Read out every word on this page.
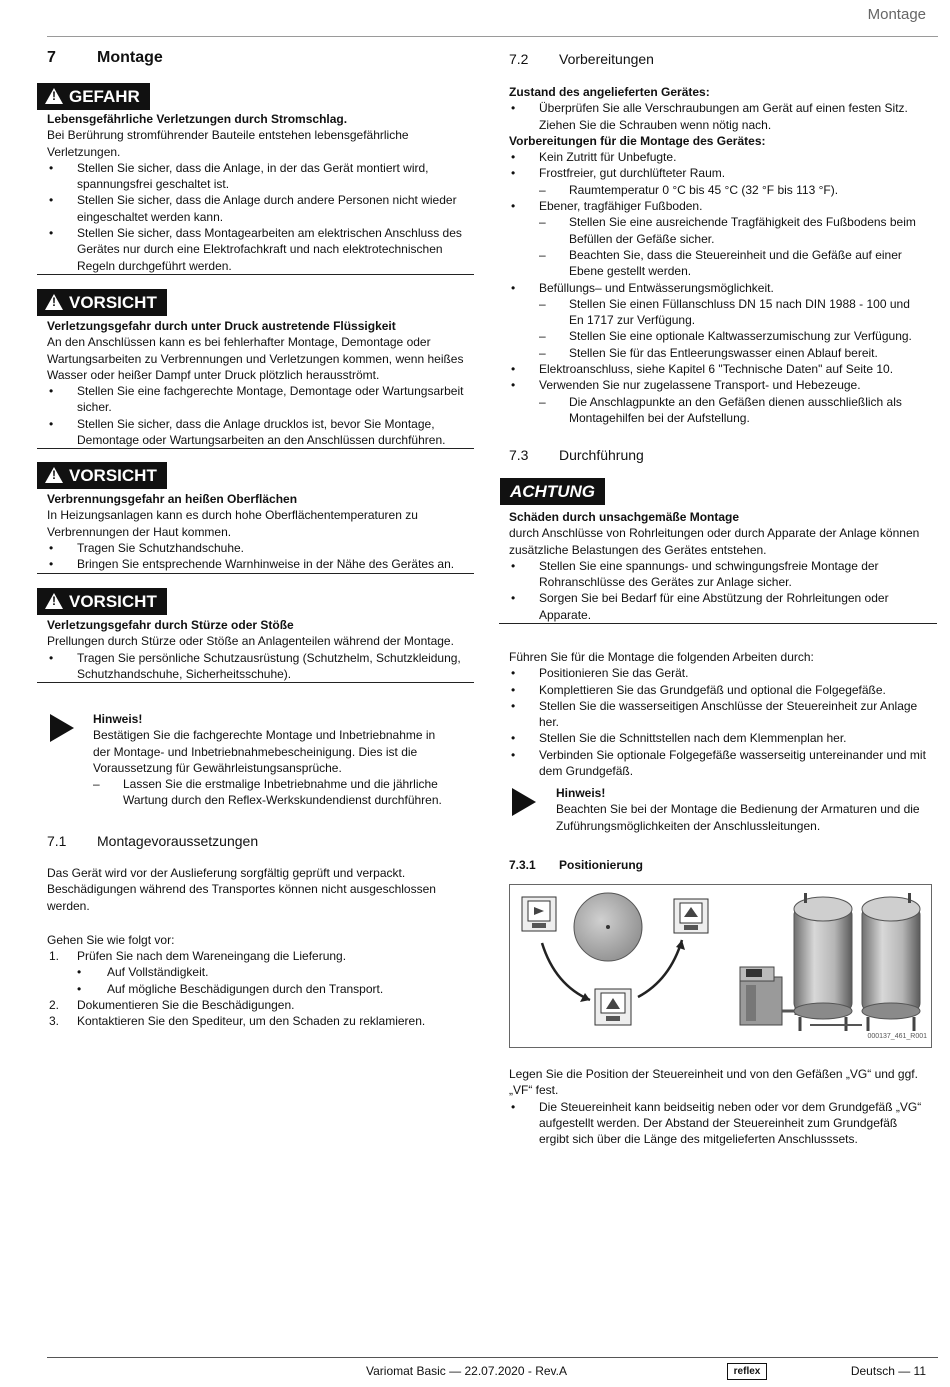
Montage
7	Montage
!GEFAHR
Lebensgefährliche Verletzungen durch Stromschlag.
Bei Berührung stromführender Bauteile entstehen lebensgefährliche Verletzungen.
• Stellen Sie sicher, dass die Anlage, in der das Gerät montiert wird, spannungsfrei geschaltet ist.
• Stellen Sie sicher, dass die Anlage durch andere Personen nicht wieder eingeschaltet werden kann.
• Stellen Sie sicher, dass Montagearbeiten am elektrischen Anschluss des Gerätes nur durch eine Elektrofachkraft und nach elektrotechnischen Regeln durchgeführt werden.
!VORSICHT
Verletzungsgefahr durch unter Druck austretende Flüssigkeit
An den Anschlüssen kann es bei fehlerhafter Montage, Demontage oder Wartungsarbeiten zu Verbrennungen und Verletzungen kommen, wenn heißes Wasser oder heißer Dampf unter Druck plötzlich herausströmt.
• Stellen Sie eine fachgerechte Montage, Demontage oder Wartungsarbeit sicher.
• Stellen Sie sicher, dass die Anlage drucklos ist, bevor Sie Montage, Demontage oder Wartungsarbeiten an den Anschlüssen durchführen.
!VORSICHT
Verbrennungsgefahr an heißen Oberflächen
In Heizungsanlagen kann es durch hohe Oberflächentemperaturen zu Verbrennungen der Haut kommen.
• Tragen Sie Schutzhandschuhe.
• Bringen Sie entsprechende Warnhinweise in der Nähe des Gerätes an.
!VORSICHT
Verletzungsgefahr durch Stürze oder Stöße
Prellungen durch Stürze oder Stöße an Anlagenteilen während der Montage.
• Tragen Sie persönliche Schutzausrüstung (Schutzhelm, Schutzkleidung, Schutzhandschuhe, Sicherheitsschuhe).
Hinweis!
Bestätigen Sie die fachgerechte Montage und Inbetriebnahme in der Montage- und Inbetriebnahmebescheinigung. Dies ist die Voraussetzung für Gewährleistungsansprüche.
– Lassen Sie die erstmalige Inbetriebnahme und die jährliche Wartung durch den Reflex-Werkskundendienst durchführen.
7.1 Montagevoraussetzungen
Das Gerät wird vor der Auslieferung sorgfältig geprüft und verpackt. Beschädigungen während des Transportes können nicht ausgeschlossen werden.
Gehen Sie wie folgt vor:
1. Prüfen Sie nach dem Wareneingang die Lieferung.
• Auf Vollständigkeit.
• Auf mögliche Beschädigungen durch den Transport.
2. Dokumentieren Sie die Beschädigungen.
3. Kontaktieren Sie den Spediteur, um den Schaden zu reklamieren.
7.2 Vorbereitungen
Zustand des angelieferten Gerätes:
• Überprüfen Sie alle Verschraubungen am Gerät auf einen festen Sitz. Ziehen Sie die Schrauben wenn nötig nach.
Vorbereitungen für die Montage des Gerätes:
• Kein Zutritt für Unbefugte.
• Frostfreier, gut durchlüfteter Raum.
– Raumtemperatur 0 °C bis 45 °C (32 °F bis 113 °F).
• Ebener, tragfähiger Fußboden.
– Stellen Sie eine ausreichende Tragfähigkeit des Fußbodens beim Befüllen der Gefäße sicher.
– Beachten Sie, dass die Steuereinheit und die Gefäße auf einer Ebene gestellt werden.
• Befüllungs– und Entwässerungsmöglichkeit.
– Stellen Sie einen Füllanschluss DN 15 nach DIN 1988 - 100 und En 1717 zur Verfügung.
– Stellen Sie eine optionale Kaltwasserzumischung zur Verfügung.
– Stellen Sie für das Entleerungswasser einen Ablauf bereit.
• Elektroanschluss, siehe Kapitel 6 "Technische Daten" auf Seite 10.
• Verwenden Sie nur zugelassene Transport- und Hebezeuge.
– Die Anschlagpunkte an den Gefäßen dienen ausschließlich als Montagehilfen bei der Aufstellung.
7.3 Durchführung
ACHTUNG
Schäden durch unsachgemäße Montage
durch Anschlüsse von Rohrleitungen oder durch Apparate der Anlage können zusätzliche Belastungen des Gerätes entstehen.
• Stellen Sie eine spannungs- und schwingungsfreie Montage der Rohranschlüsse des Gerätes zur Anlage sicher.
• Sorgen Sie bei Bedarf für eine Abstützung der Rohrleitungen oder Apparate.
Führen Sie für die Montage die folgenden Arbeiten durch:
• Positionieren Sie das Gerät.
• Komplettieren Sie das Grundgefäß und optional die Folgegefäße.
• Stellen Sie die wasserseitigen Anschlüsse der Steuereinheit zur Anlage her.
• Stellen Sie die Schnittstellen nach dem Klemmenplan her.
• Verbinden Sie optionale Folgegefäße wasserseitig untereinander und mit dem Grundgefäß.
Hinweis!
Beachten Sie bei der Montage die Bedienung der Armaturen und die Zuführungsmöglichkeiten der Anschlussleitungen.
7.3.1 Positionierung
000137_461_R001
Legen Sie die Position der Steuereinheit und von den Gefäßen „VG“ und ggf. „VF“ fest.
• Die Steuereinheit kann beidseitig neben oder vor dem Grundgefäß „VG“ aufgestellt werden. Der Abstand der Steuereinheit zum Grundgefäß ergibt sich über die Länge des mitgelieferten Anschlusssets.
Variomat Basic — 22.07.2020 - Rev.A	reflex	Deutsch — 11
